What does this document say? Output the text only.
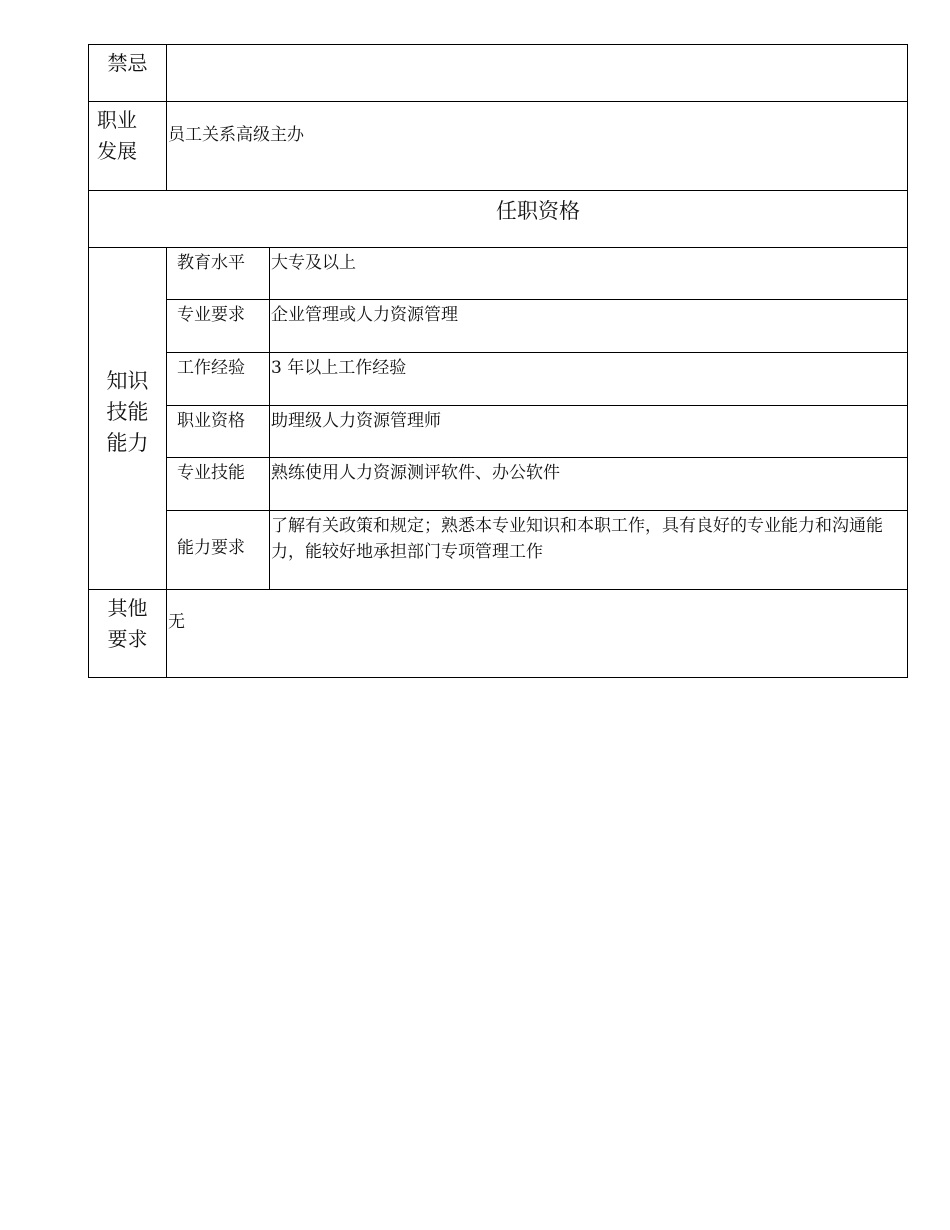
禁忌		

职业
发展	员工关系高级主办	
任职资格		

知识
技能
能力	教育水平	大专及以上
	专业要求	企业管理或人力资源管理
	工作经验	3 年以上工作经验
	职业资格	助理级人力资源管理师
	专业技能	熟练使用人力资源测评软件、办公软件
	能力要求	了解有关政策和规定；熟悉本专业知识和本职工作，具有良好的专业能力和沟通能力，能较好地承担部门专项管理工作

其他
要求	无	
